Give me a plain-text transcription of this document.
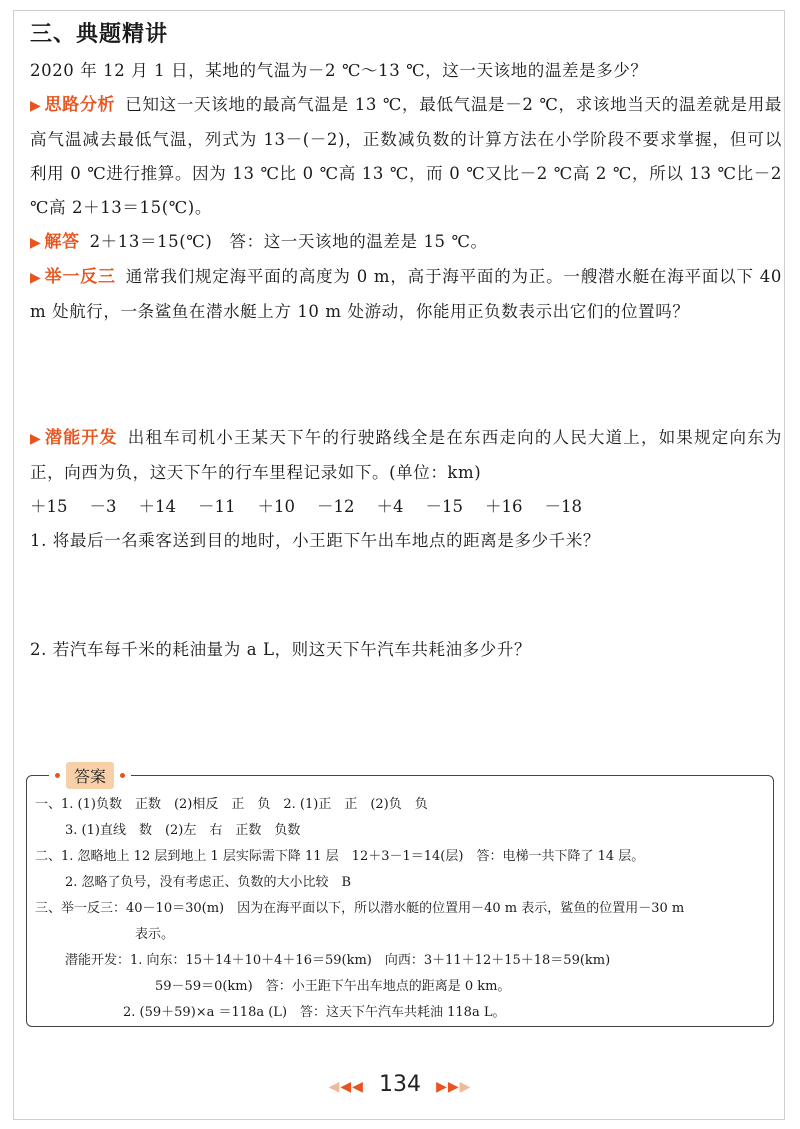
三、典题精讲

2020 年 12 月 1 日，某地的气温为－2 ℃～13 ℃，这一天该地的温差是多少？

▶ 思路分析 已知这一天该地的最高气温是 13 ℃，最低气温是－2 ℃，求该地当天的温差就是用最高气温减去最低气温，列式为 13－(－2)，正数减负数的计算方法在小学阶段不要求掌握，但可以利用 0 ℃进行推算。因为 13 ℃比 0 ℃高 13 ℃，而 0 ℃又比－2 ℃高 2 ℃，所以 13 ℃比－2 ℃高 2＋13＝15(℃)。

▶ 解答 2＋13＝15(℃)　答：这一天该地的温差是 15 ℃。

▶ 举一反三 通常我们规定海平面的高度为 0 m，高于海平面的为正。一艘潜水艇在海平面以下 40 m 处航行，一条鲨鱼在潜水艇上方 10 m 处游动，你能用正负数表示出它们的位置吗？

▶ 潜能开发 出租车司机小王某天下午的行驶路线全是在东西走向的人民大道上，如果规定向东为正，向西为负，这天下午的行车里程记录如下。(单位：km)

＋15 －3 ＋14 －11 ＋10 －12 ＋4 －15 ＋16 －18

1. 将最后一名乘客送到目的地时，小王距下午出车地点的距离是多少千米？

2. 若汽车每千米的耗油量为 a L，则这天下午汽车共耗油多少升？

答案

一、1. (1)负数　正数　(2)相反　正　负　2. (1)正　正　(2)负　负

3. (1)直线　数　(2)左　右　正数　负数

二、1. 忽略地上 12 层到地上 1 层实际需下降 11 层　12＋3－1＝14(层)　答：电梯一共下降了 14 层。

2. 忽略了负号，没有考虑正、负数的大小比较　B

三、举一反三：40－10＝30(m)　因为在海平面以下，所以潜水艇的位置用－40 m 表示，鲨鱼的位置用－30 m

表示。

潜能开发：1. 向东：15＋14＋10＋4＋16＝59(km)　向西：3＋11＋12＋15＋18＝59(km)

59－59＝0(km)　答：小王距下午出车地点的距离是 0 km。

2. (59＋59)×a ＝118a (L)　答：这天下午汽车共耗油 118a L。

◀◀◀ 134 ▶▶▶
